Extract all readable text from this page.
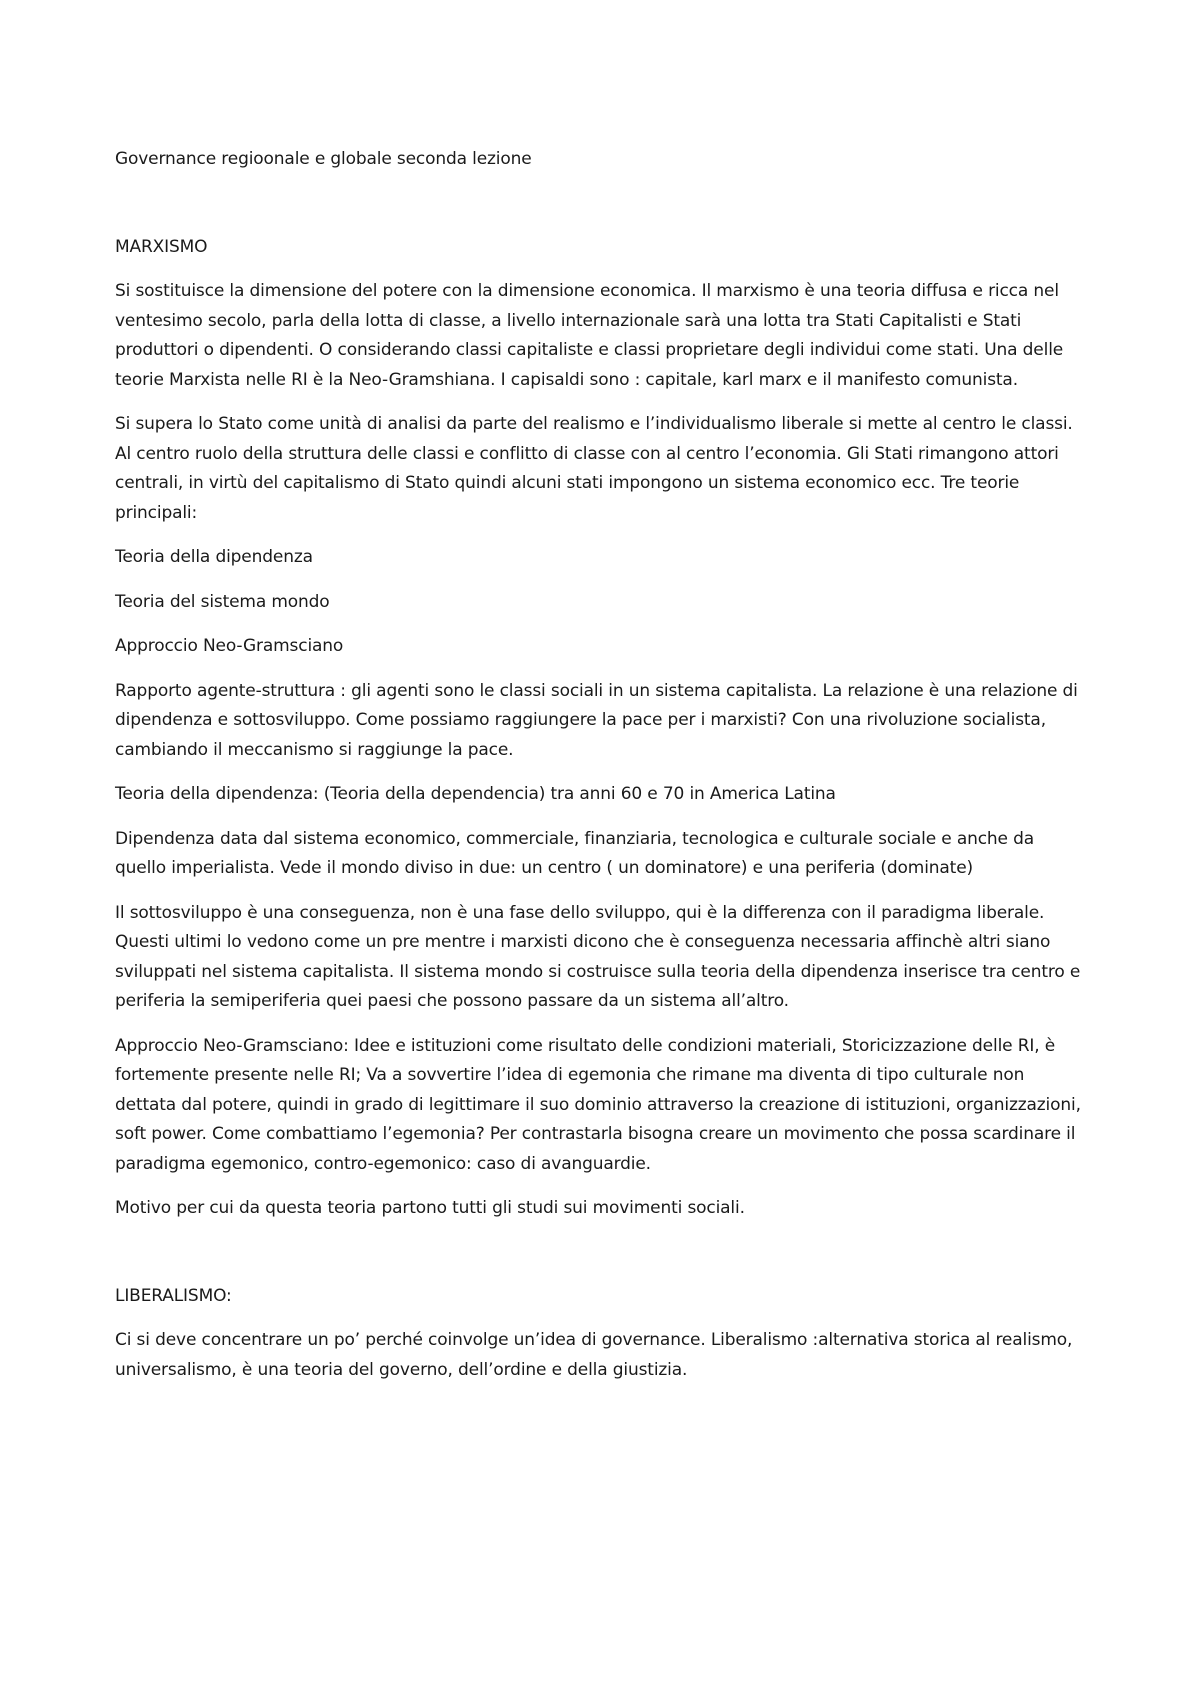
Governance regioonale e globale seconda lezione

MARXISMO

Si sostituisce la dimensione del potere con la dimensione economica. Il marxismo è una teoria diffusa e ricca nel ventesimo secolo, parla della lotta di classe, a livello internazionale sarà una lotta tra Stati Capitalisti e Stati produttori o dipendenti. O considerando classi capitaliste e classi proprietare degli individui come stati. Una delle teorie Marxista nelle RI è la Neo-Gramshiana. I capisaldi sono : capitale, karl marx e il manifesto comunista.

Si supera lo Stato come unità di analisi da parte del realismo e l’individualismo liberale si mette al centro le classi. Al centro ruolo della struttura delle classi e conflitto di classe con al centro l’economia. Gli Stati rimangono attori centrali, in virtù del capitalismo di Stato quindi alcuni stati impongono un sistema economico ecc. Tre teorie principali:

Teoria della dipendenza

Teoria del sistema mondo

Approccio Neo-Gramsciano

Rapporto agente-struttura : gli agenti sono le classi sociali in un sistema capitalista. La relazione è una relazione di dipendenza e sottosviluppo. Come possiamo raggiungere la pace per i marxisti? Con una rivoluzione socialista, cambiando il meccanismo si raggiunge la pace.

Teoria della dipendenza: (Teoria della dependencia) tra anni 60 e 70 in America Latina

Dipendenza data dal sistema economico, commerciale, finanziaria, tecnologica e culturale sociale e anche da quello imperialista. Vede il mondo diviso in due: un centro ( un dominatore) e una periferia (dominate)

Il sottosviluppo è una conseguenza, non è una fase dello sviluppo, qui è la differenza con il paradigma liberale. Questi ultimi lo vedono come un pre mentre i marxisti dicono che è conseguenza necessaria affinchè altri siano sviluppati nel sistema capitalista. Il sistema mondo si costruisce sulla teoria della dipendenza inserisce tra centro e periferia la semiperiferia quei paesi che possono passare da un sistema all’altro.

Approccio Neo-Gramsciano: Idee e istituzioni come risultato delle condizioni materiali, Storicizzazione delle RI, è fortemente presente nelle RI; Va a sovvertire l’idea di egemonia che rimane ma diventa di tipo culturale non dettata dal potere, quindi in grado di legittimare il suo dominio attraverso la creazione di istituzioni, organizzazioni, soft power. Come combattiamo l’egemonia? Per contrastarla bisogna creare un movimento che possa scardinare il paradigma egemonico, contro-egemonico: caso di avanguardie.

Motivo per cui da questa teoria partono tutti gli studi sui movimenti sociali.

LIBERALISMO:

Ci si deve concentrare un po’ perché coinvolge un’idea di governance. Liberalismo :alternativa storica al realismo, universalismo, è una teoria del governo, dell’ordine e della giustizia.
